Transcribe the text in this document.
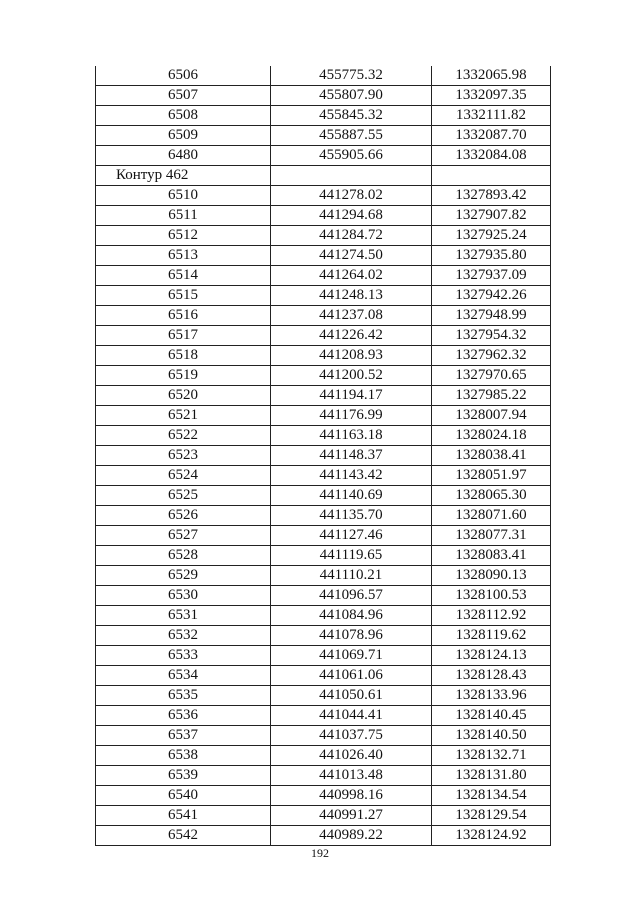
6506	455775.32	1332065.98
6507	455807.90	1332097.35
6508	455845.32	1332111.82
6509	455887.55	1332087.70
6480	455905.66	1332084.08
Контур 462		
6510	441278.02	1327893.42
6511	441294.68	1327907.82
6512	441284.72	1327925.24
6513	441274.50	1327935.80
6514	441264.02	1327937.09
6515	441248.13	1327942.26
6516	441237.08	1327948.99
6517	441226.42	1327954.32
6518	441208.93	1327962.32
6519	441200.52	1327970.65
6520	441194.17	1327985.22
6521	441176.99	1328007.94
6522	441163.18	1328024.18
6523	441148.37	1328038.41
6524	441143.42	1328051.97
6525	441140.69	1328065.30
6526	441135.70	1328071.60
6527	441127.46	1328077.31
6528	441119.65	1328083.41
6529	441110.21	1328090.13
6530	441096.57	1328100.53
6531	441084.96	1328112.92
6532	441078.96	1328119.62
6533	441069.71	1328124.13
6534	441061.06	1328128.43
6535	441050.61	1328133.96
6536	441044.41	1328140.45
6537	441037.75	1328140.50
6538	441026.40	1328132.71
6539	441013.48	1328131.80
6540	440998.16	1328134.54
6541	440991.27	1328129.54
6542	440989.22	1328124.92
192
